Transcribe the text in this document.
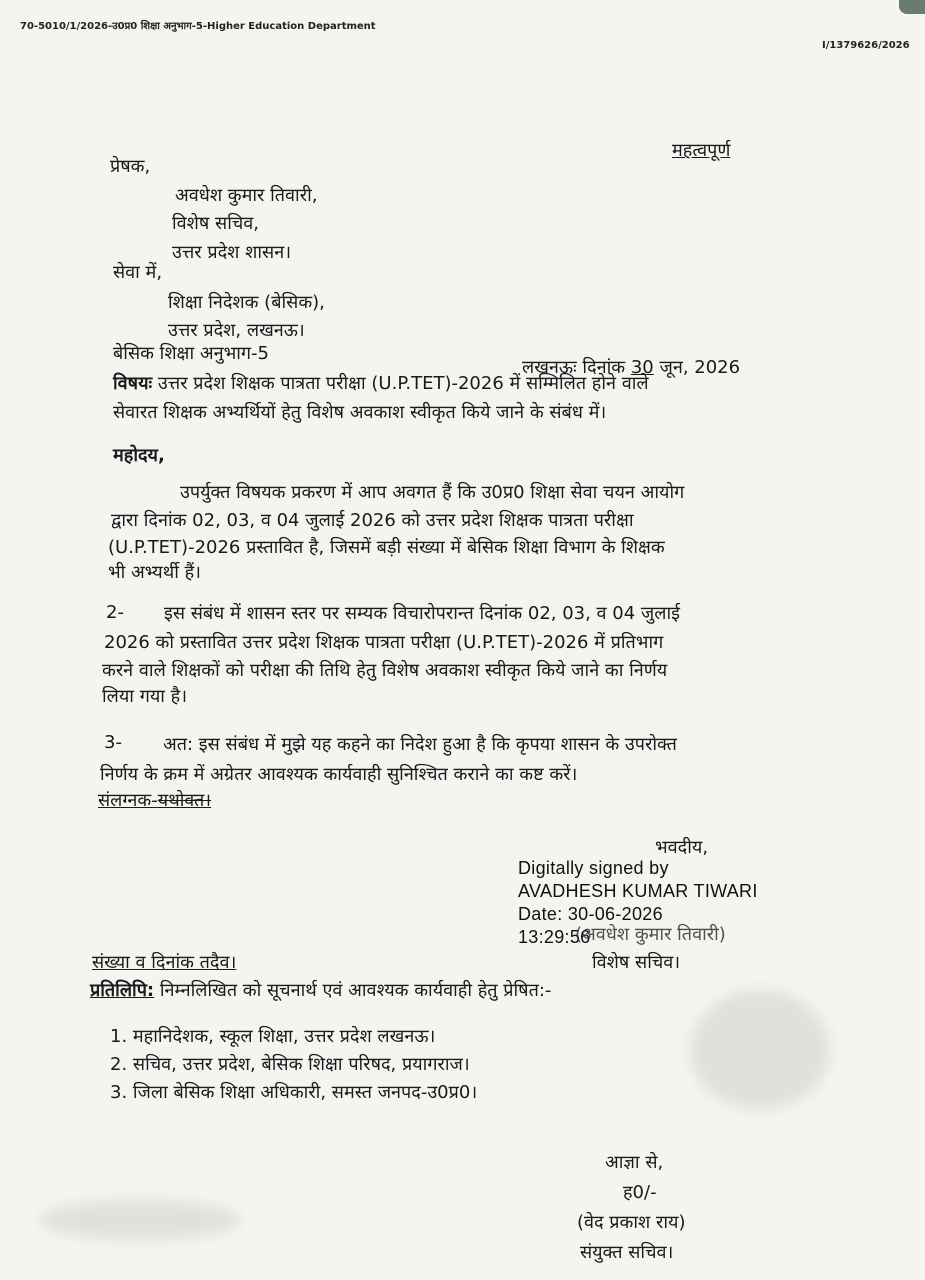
70-5010/1/2026-उ0प्र0 शिक्षा अनुभाग-5-Higher Education Department
I/1379626/2026
महत्वपूर्ण
प्रेषक,
अवधेश कुमार तिवारी,
विशेष सचिव,
उत्तर प्रदेश शासन।
सेवा में,
शिक्षा निदेशक (बेसिक),
उत्तर प्रदेश, लखनऊ।
बेसिक शिक्षा अनुभाग-5
लखनऊः दिनांक 30 जून, 2026
विषयः उत्तर प्रदेश शिक्षक पात्रता परीक्षा (U.P.TET)-2026 में सम्मिलित होने वाले
सेवारत शिक्षक अभ्यर्थियों हेतु विशेष अवकाश स्वीकृत किये जाने के संबंध में।
महोदय,
उपर्युक्त विषयक प्रकरण में आप अवगत हैं कि उ0प्र0 शिक्षा सेवा चयन आयोग
द्वारा दिनांक 02, 03, व 04 जुलाई 2026 को उत्तर प्रदेश शिक्षक पात्रता परीक्षा
(U.P.TET)-2026 प्रस्तावित है, जिसमें बड़ी संख्या में बेसिक शिक्षा विभाग के शिक्षक
भी अभ्यर्थी हैं।
2- इस संबंध में शासन स्तर पर सम्यक विचारोपरान्त दिनांक 02, 03, व 04 जुलाई
2026 को प्रस्तावित उत्तर प्रदेश शिक्षक पात्रता परीक्षा (U.P.TET)-2026 में प्रतिभाग
करने वाले शिक्षकों को परीक्षा की तिथि हेतु विशेष अवकाश स्वीकृत किये जाने का निर्णय
लिया गया है।
3- अत: इस संबंध में मुझे यह कहने का निदेश हुआ है कि कृपया शासन के उपरोक्त
निर्णय के क्रम में अग्रेतर आवश्यक कार्यवाही सुनिश्चित कराने का कष्ट करें।
संलग्नक-यथोक्त।
भवदीय,
Digitally signed by
AVADHESH KUMAR TIWARI
Date: 30-06-2026
13:29:56
(अवधेश कुमार तिवारी)
विशेष सचिव।
संख्या व दिनांक तदैव।
प्रतिलिपि: निम्नलिखित को सूचनार्थ एवं आवश्यक कार्यवाही हेतु प्रेषित:-
1. महानिदेशक, स्कूल शिक्षा, उत्तर प्रदेश लखनऊ।
2. सचिव, उत्तर प्रदेश, बेसिक शिक्षा परिषद, प्रयागराज।
3. जिला बेसिक शिक्षा अधिकारी, समस्त जनपद-उ0प्र0।
आज्ञा से,
ह0/-
(वेद प्रकाश राय)
संयुक्त सचिव।
